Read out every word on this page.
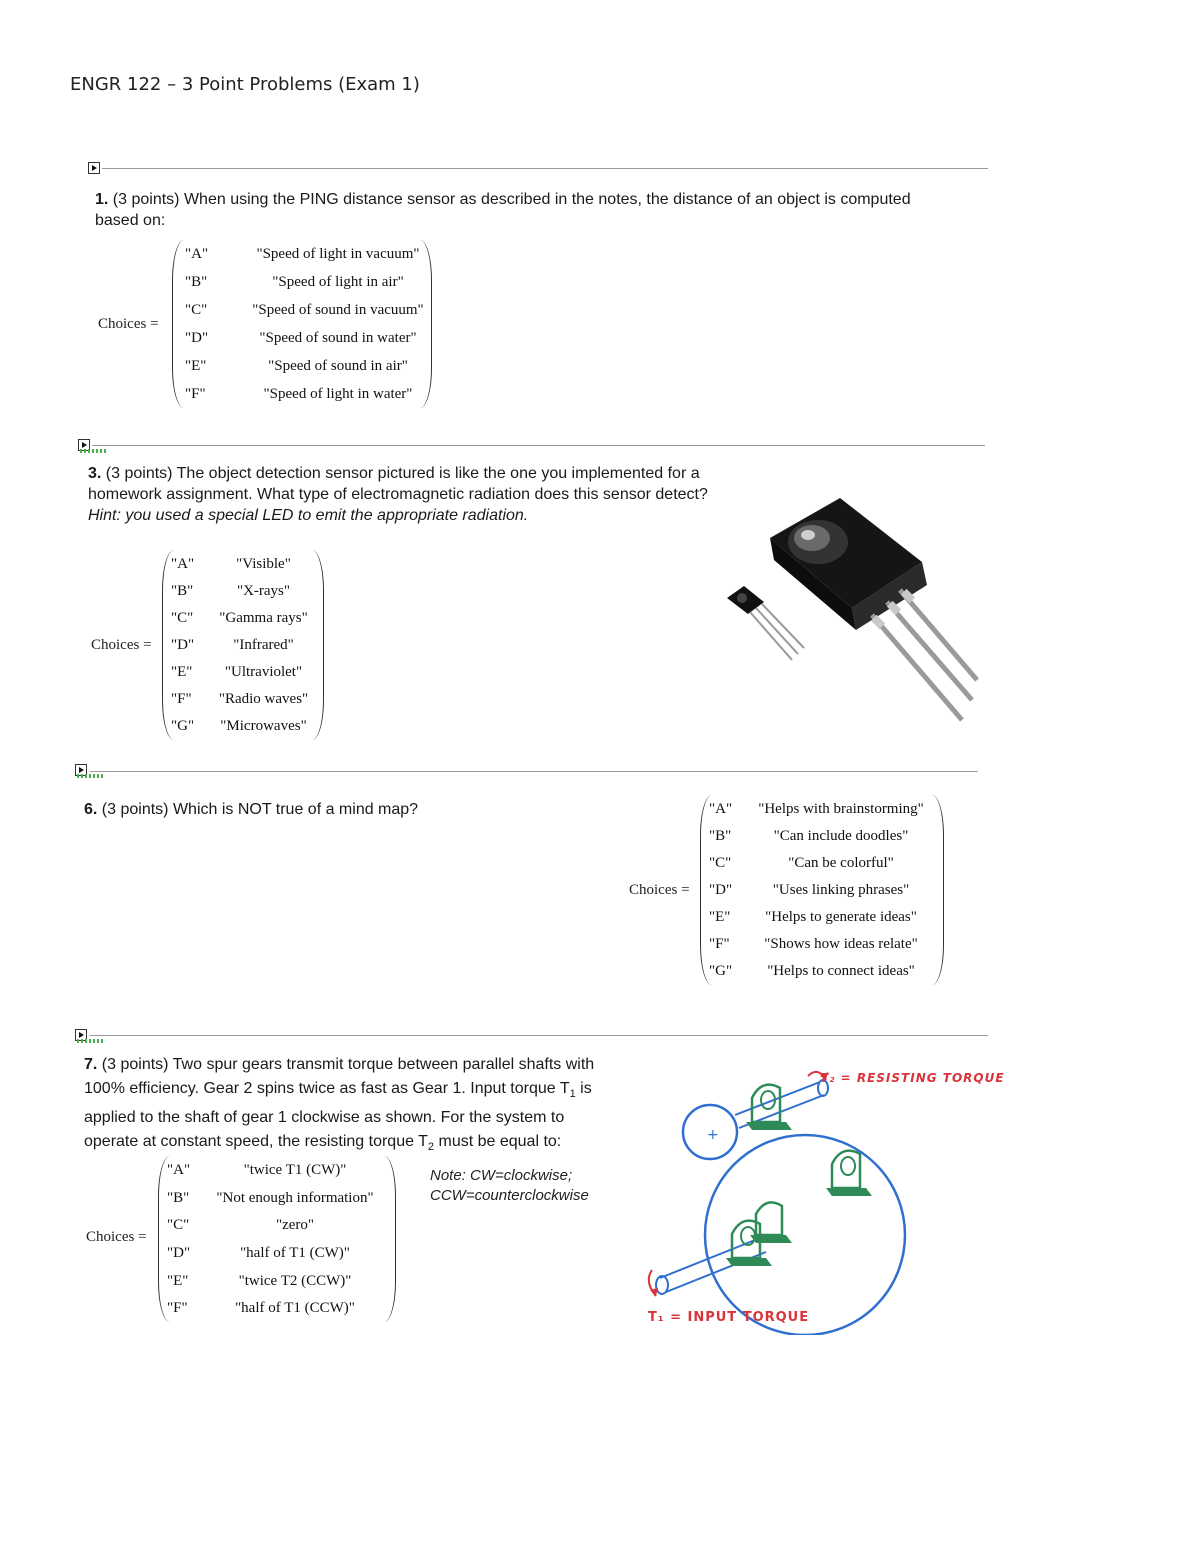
ENGR 122 – 3 Point Problems (Exam 1)
1. (3 points) When using the PING distance sensor as described in the notes, the distance of an object is computed based on:
Choices =
"A"	"Speed of light in vacuum"
"B"	"Speed of light in air"
"C"	"Speed of sound in vacuum"
"D"	"Speed of sound in water"
"E"	"Speed of sound in air"
"F"	"Speed of light in water"
3. (3 points) The object detection sensor pictured is like the one you implemented for a homework assignment. What type of electromagnetic radiation does this sensor detect? Hint: you used a special LED to emit the appropriate radiation.
Choices =
"A"	"Visible"
"B"	"X-rays"
"C"	"Gamma rays"
"D"	"Infrared"
"E"	"Ultraviolet"
"F"	"Radio waves"
"G"	"Microwaves"
6. (3 points) Which is NOT true of a mind map?
Choices =
"A"	"Helps with brainstorming"
"B"	"Can include doodles"
"C"	"Can be colorful"
"D"	"Uses linking phrases"
"E"	"Helps to generate ideas"
"F"	"Shows how ideas relate"
"G"	"Helps to connect ideas"
7. (3 points) Two spur gears transmit torque between parallel shafts with
100% efficiency. Gear 2 spins twice as fast as Gear 1. Input torque $T_1$ is
applied to the shaft of gear 1 clockwise as shown. For the system to
operate at constant speed, the resisting torque $T_2$ must be equal to:
Choices =
"A"	"twice T1 (CW)"
"B"	"Not enough information"
"C"	"zero"
"D"	"half of T1 (CW)"
"E"	"twice T2 (CCW)"
"F"	"half of T1 (CCW)"
Note: CW=clockwise;
CCW=counterclockwise
+
T₂ = RESISTING TORQUE
T₁ = INPUT TORQUE
